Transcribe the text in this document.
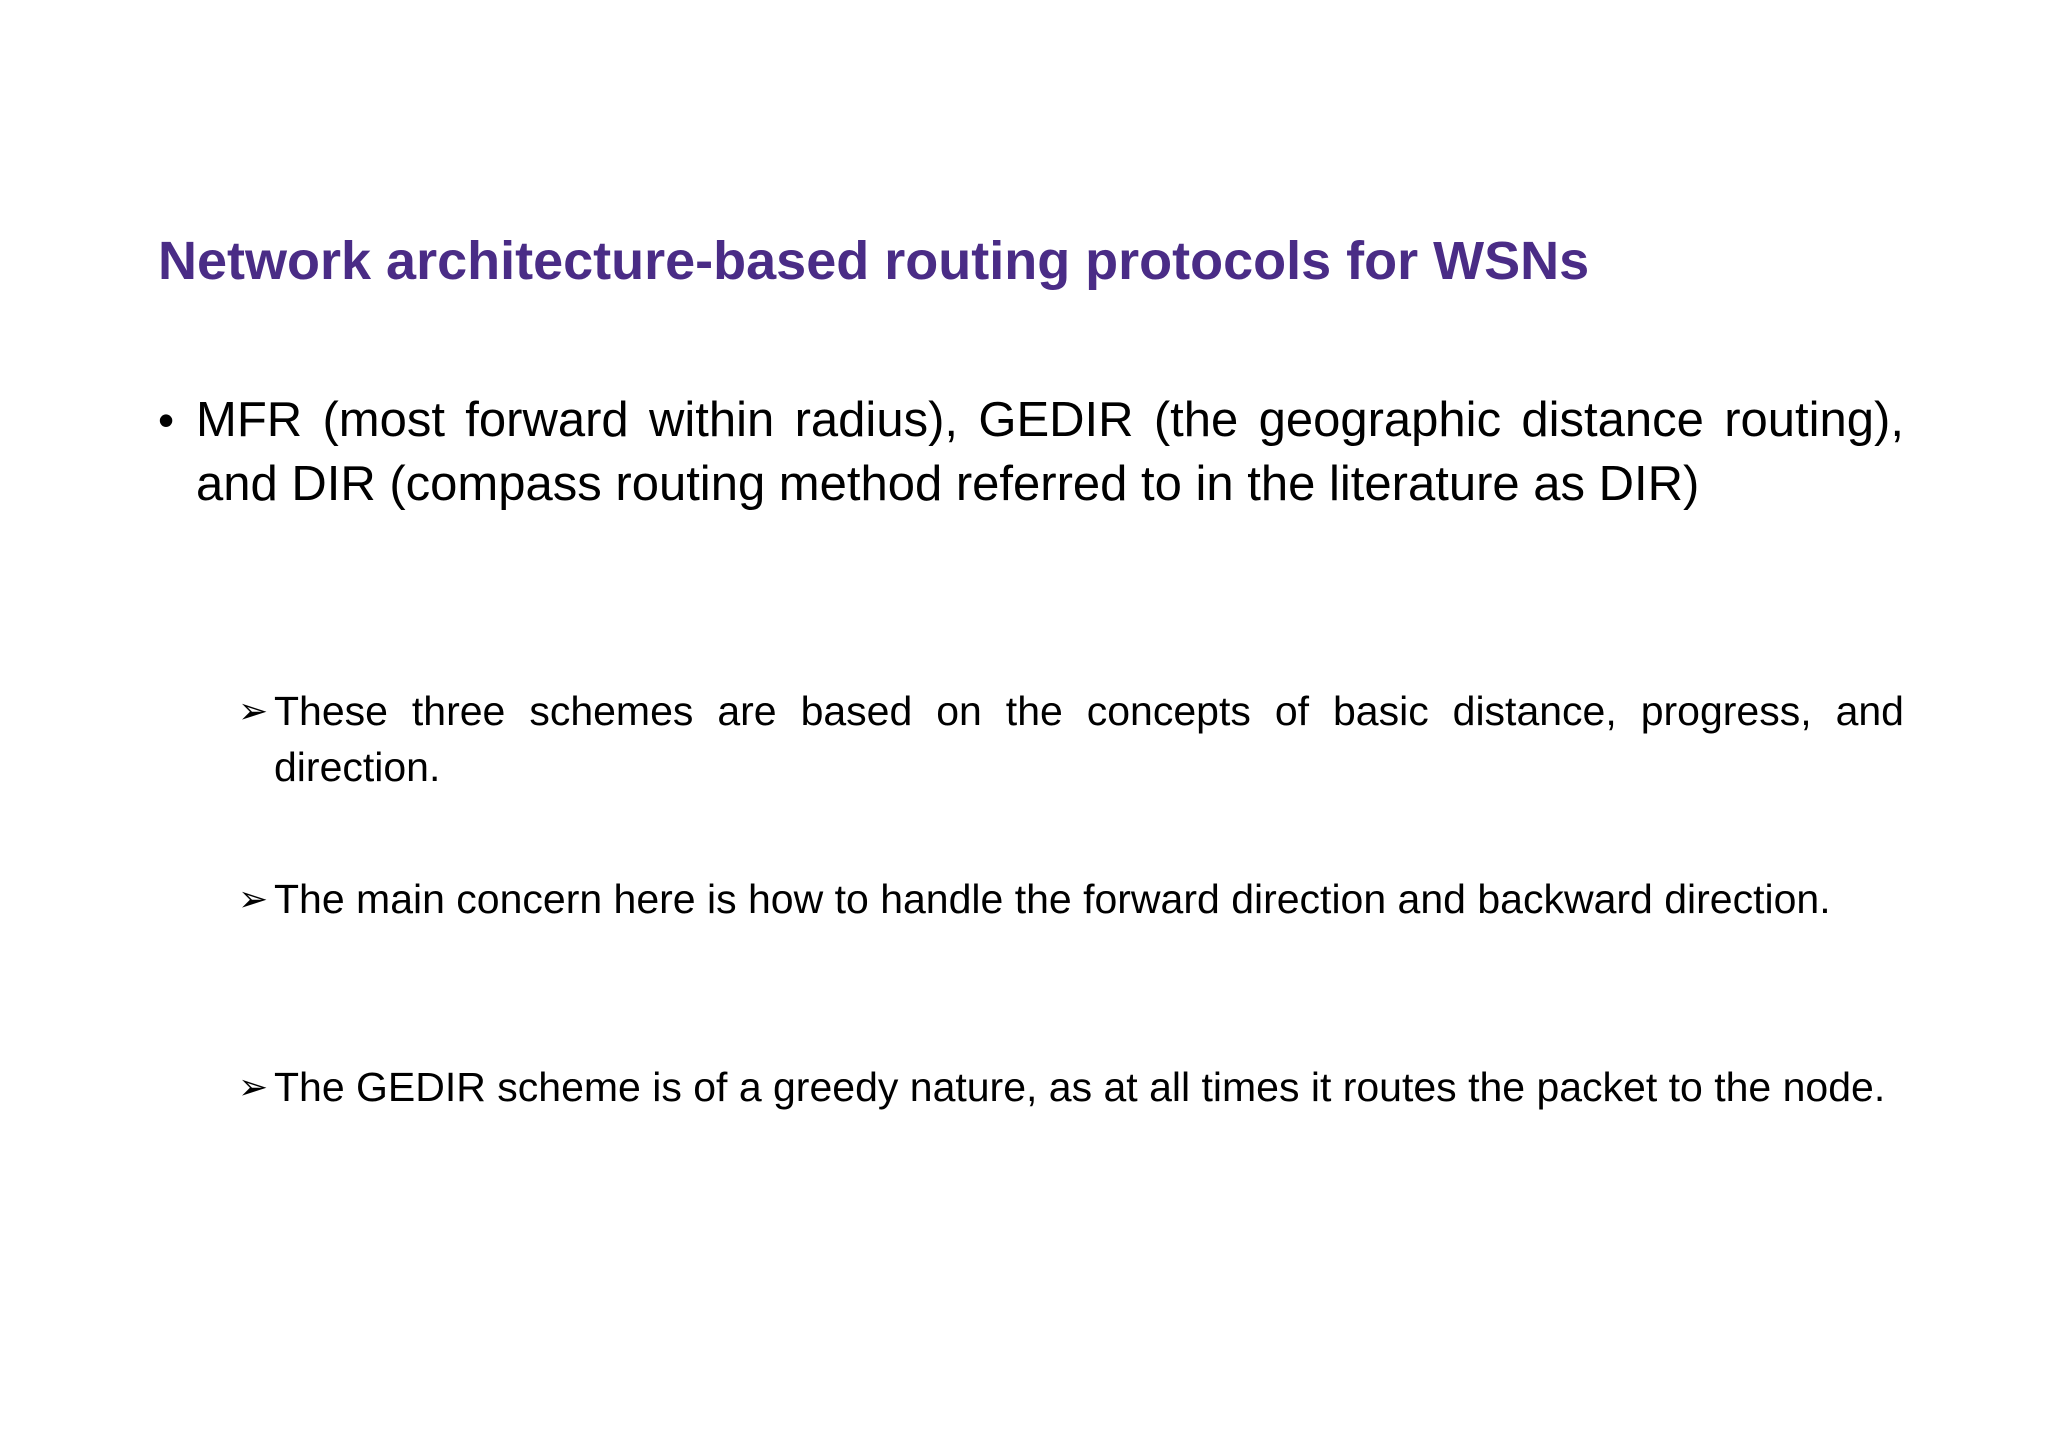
Network architecture-based routing protocols for WSNs
• MFR (most forward within radius), GEDIR (the geographic distance routing), and DIR (compass routing method referred to in the literature as DIR)
➢ These three schemes are based on the concepts of basic distance, progress, and direction.
➢ The main concern here is how to handle the forward direction and backward direction.
➢ The GEDIR scheme is of a greedy nature, as at all times it routes the packet to the node.
